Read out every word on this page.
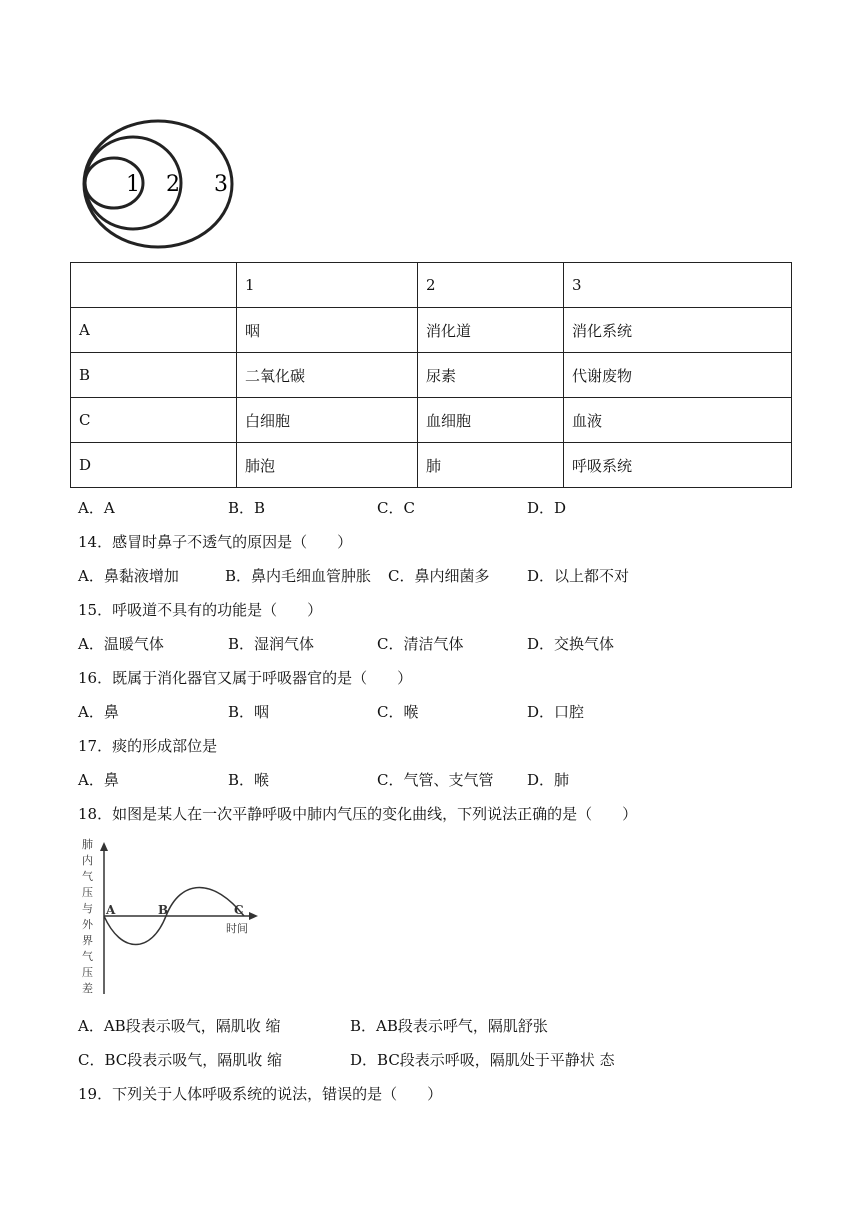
1 2 3
	1	2	3
A	咽	消化道	消化系统
B	二氧化碳	尿素	代谢废物
C	白细胞	血细胞	血液
D	肺泡	肺	呼吸系统
A．A	B．B	C．C	D．D
14．感冒时鼻子不透气的原因是（　　）
A．鼻黏液增加	B．鼻内毛细血管肿胀 C．鼻内细菌多	D．以上都不对
15．呼吸道不具有的功能是（　　）
A．温暖气体	B．湿润气体	C．清洁气体	D．交换气体
16．既属于消化器官又属于呼吸器官的是（　　）
A．鼻	B．咽	C．喉	D．口腔
17．痰的形成部位是
A．鼻	B．喉	C．气管、支气管 D．肺
18．如图是某人在一次平静呼吸中肺内气压的变化曲线，下列说法正确的是（　　）
肺
内
气
压
与
外
界
气
压
差
A	B	C
时间
A．AB段表示吸气，隔肌收 缩	B．AB段表示呼气，隔肌舒张
C．BC段表示吸气，隔肌收 缩	D．BC段表示呼吸，隔肌处于平静状 态
19．下列关于人体呼吸系统的说法，错误的是（　　）
